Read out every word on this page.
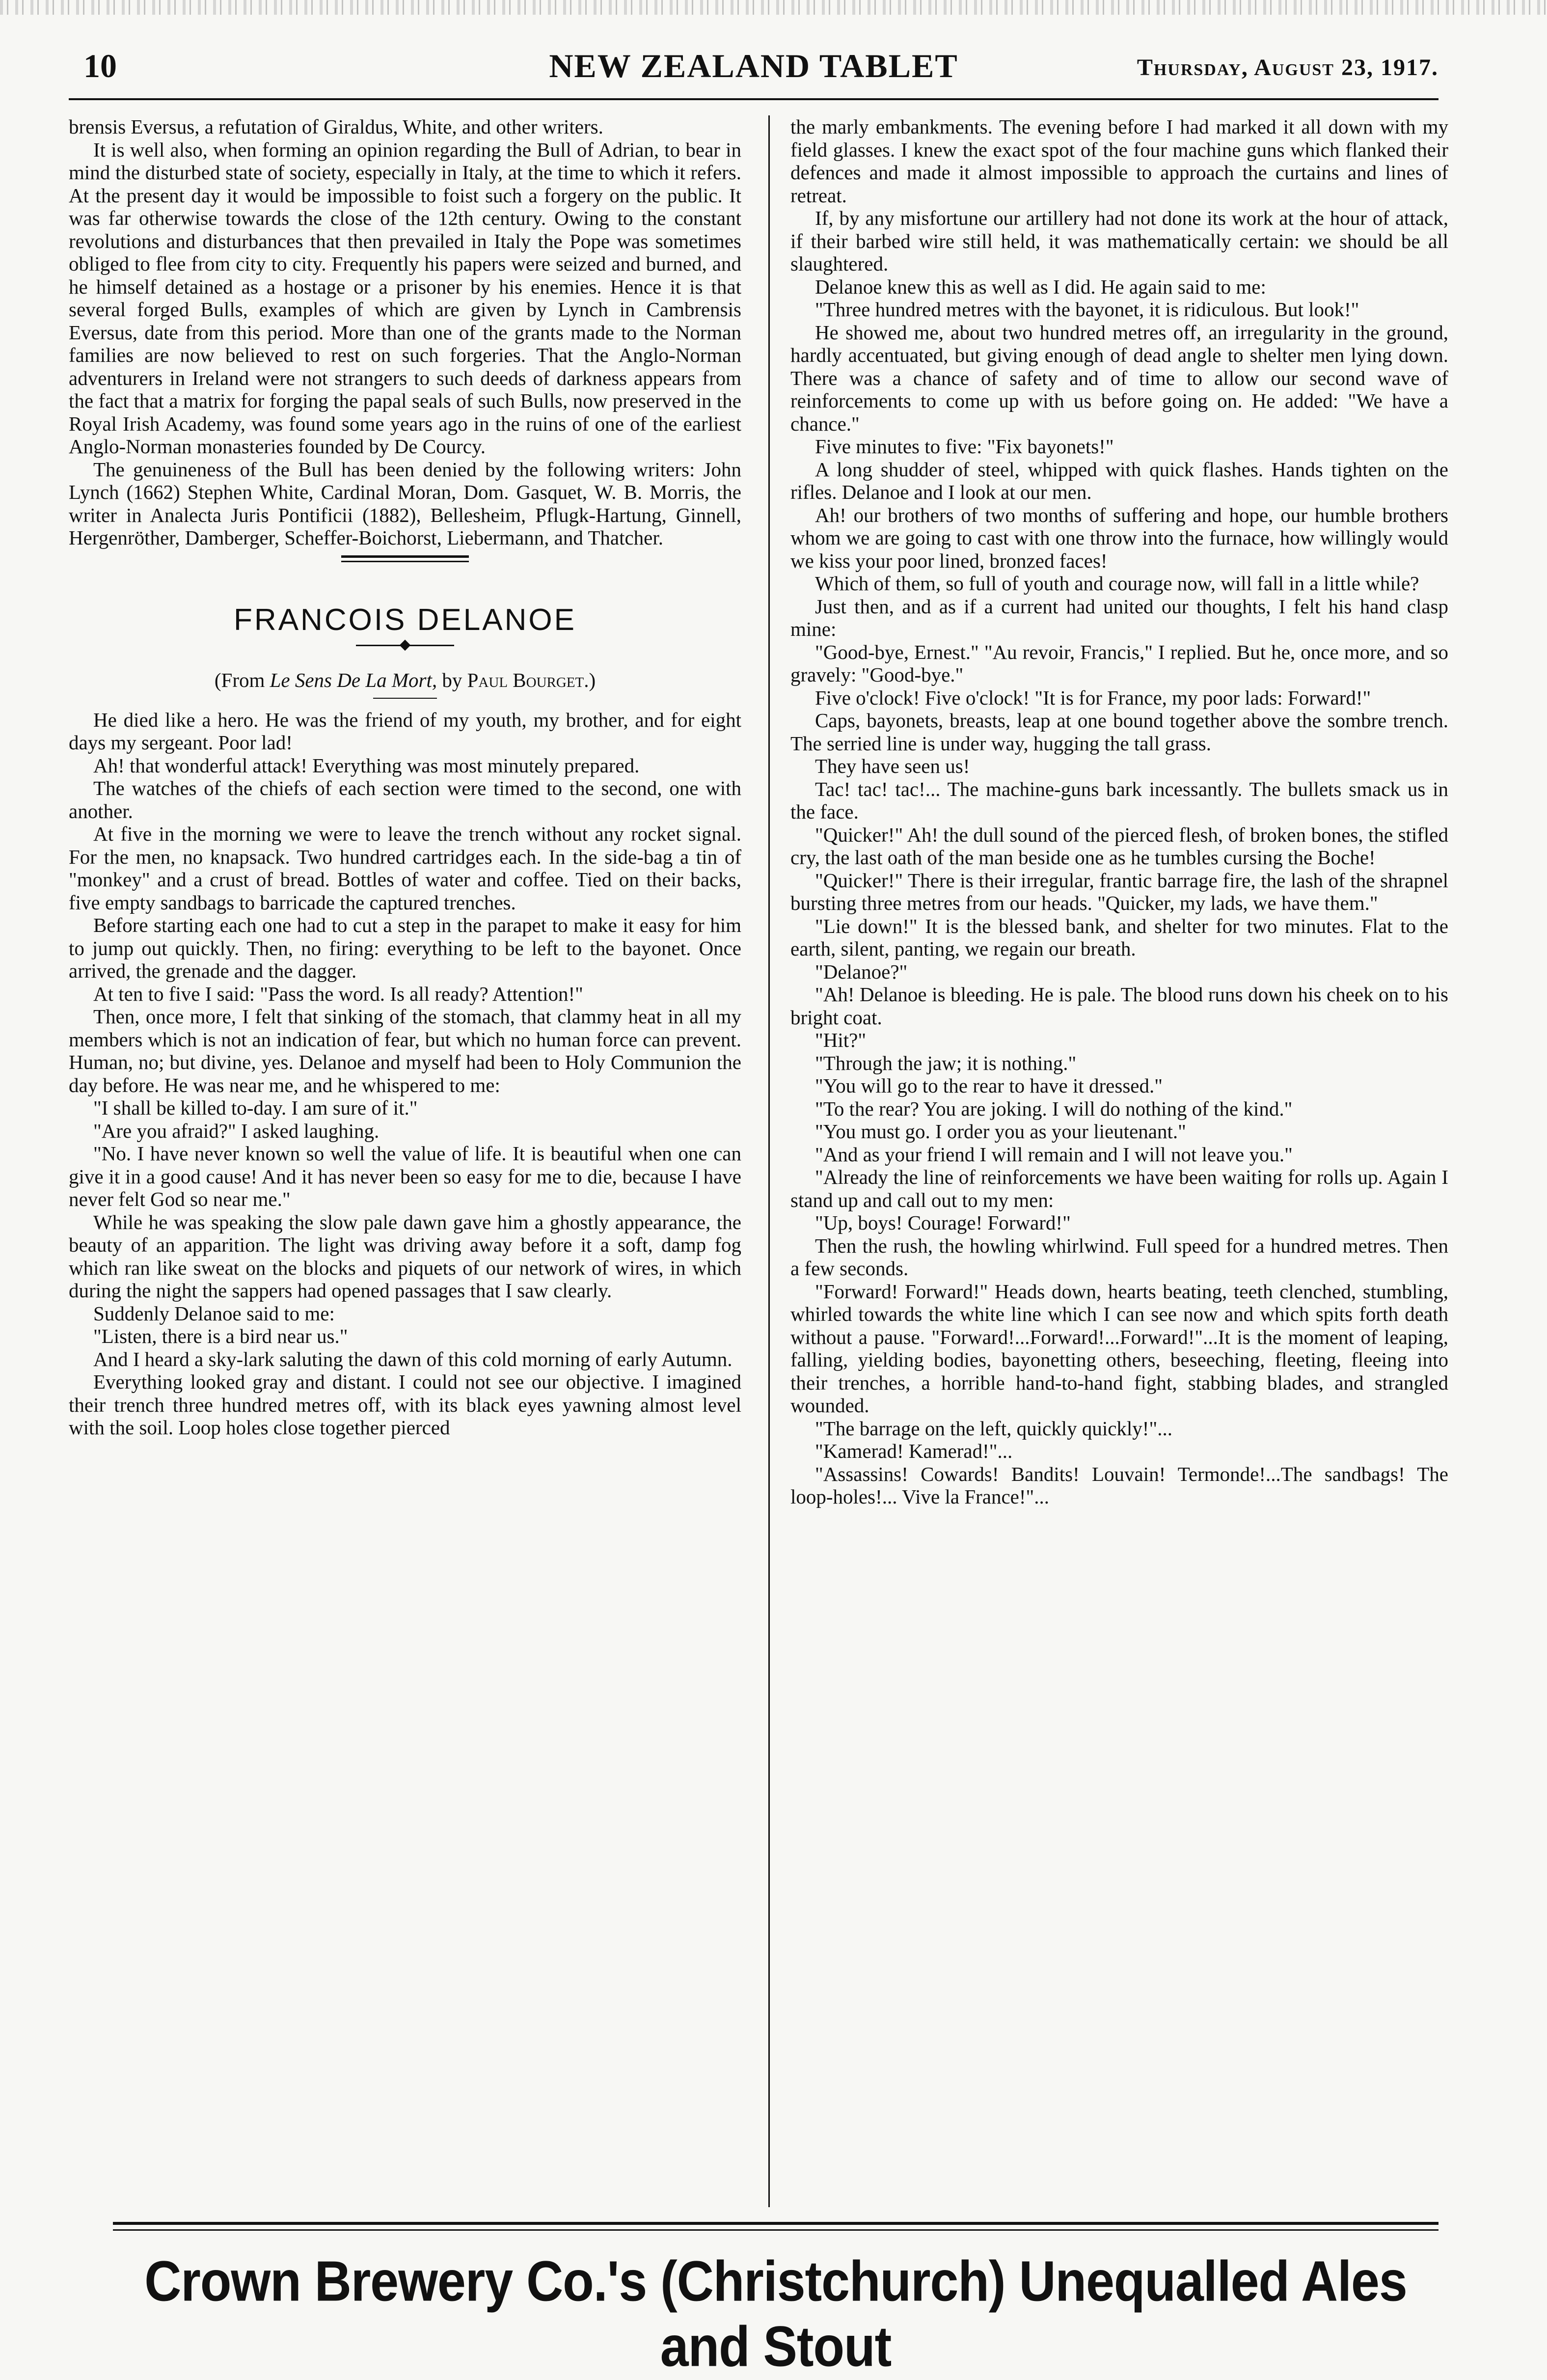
10	NEW ZEALAND TABLET	Thursday, August 23, 1917.

brensis Eversus, a refutation of Giraldus, White, and other writers.

It is well also, when forming an opinion regarding the Bull of Adrian, to bear in mind the disturbed state of society, especially in Italy, at the time to which it refers. At the present day it would be impossible to foist such a forgery on the public. It was far otherwise towards the close of the 12th century. Owing to the constant revolutions and disturbances that then prevailed in Italy the Pope was sometimes obliged to flee from city to city. Frequently his papers were seized and burned, and he himself detained as a hostage or a prisoner by his enemies. Hence it is that several forged Bulls, examples of which are given by Lynch in Cambrensis Eversus, date from this period. More than one of the grants made to the Norman families are now believed to rest on such forgeries. That the Anglo-Norman adventurers in Ireland were not strangers to such deeds of darkness appears from the fact that a matrix for forging the papal seals of such Bulls, now preserved in the Royal Irish Academy, was found some years ago in the ruins of one of the earliest Anglo-Norman monasteries founded by De Courcy.

The genuineness of the Bull has been denied by the following writers: John Lynch (1662) Stephen White, Cardinal Moran, Dom. Gasquet, W. B. Morris, the writer in Analecta Juris Pontificii (1882), Bellesheim, Pflugk-Hartung, Ginnell, Hergenröther, Damberger, Scheffer-Boichorst, Liebermann, and Thatcher.

FRANCOIS DELANOE

(From Le Sens De La Mort, by Paul Bourget.)

He died like a hero. He was the friend of my youth, my brother, and for eight days my sergeant. Poor lad!

Ah! that wonderful attack! Everything was most minutely prepared.

The watches of the chiefs of each section were timed to the second, one with another.

At five in the morning we were to leave the trench without any rocket signal. For the men, no knapsack. Two hundred cartridges each. In the side-bag a tin of "monkey" and a crust of bread. Bottles of water and coffee. Tied on their backs, five empty sandbags to barricade the captured trenches.

Before starting each one had to cut a step in the parapet to make it easy for him to jump out quickly. Then, no firing: everything to be left to the bayonet. Once arrived, the grenade and the dagger.

At ten to five I said: "Pass the word. Is all ready? Attention!"

Then, once more, I felt that sinking of the stomach, that clammy heat in all my members which is not an indication of fear, but which no human force can prevent. Human, no; but divine, yes. Delanoe and myself had been to Holy Communion the day before. He was near me, and he whispered to me:

"I shall be killed to-day. I am sure of it."

"Are you afraid?" I asked laughing.

"No. I have never known so well the value of life. It is beautiful when one can give it in a good cause! And it has never been so easy for me to die, because I have never felt God so near me."

While he was speaking the slow pale dawn gave him a ghostly appearance, the beauty of an apparition. The light was driving away before it a soft, damp fog which ran like sweat on the blocks and piquets of our network of wires, in which during the night the sappers had opened passages that I saw clearly.

Suddenly Delanoe said to me:

"Listen, there is a bird near us."

And I heard a sky-lark saluting the dawn of this cold morning of early Autumn.

Everything looked gray and distant. I could not see our objective. I imagined their trench three hundred metres off, with its black eyes yawning almost level with the soil. Loop holes close together pierced

the marly embankments. The evening before I had marked it all down with my field glasses. I knew the exact spot of the four machine guns which flanked their defences and made it almost impossible to approach the curtains and lines of retreat.

If, by any misfortune our artillery had not done its work at the hour of attack, if their barbed wire still held, it was mathematically certain: we should be all slaughtered.

Delanoe knew this as well as I did. He again said to me:

"Three hundred metres with the bayonet, it is ridiculous. But look!"

He showed me, about two hundred metres off, an irregularity in the ground, hardly accentuated, but giving enough of dead angle to shelter men lying down. There was a chance of safety and of time to allow our second wave of reinforcements to come up with us before going on. He added: "We have a chance."

Five minutes to five: "Fix bayonets!"

A long shudder of steel, whipped with quick flashes. Hands tighten on the rifles. Delanoe and I look at our men.

Ah! our brothers of two months of suffering and hope, our humble brothers whom we are going to cast with one throw into the furnace, how willingly would we kiss your poor lined, bronzed faces!

Which of them, so full of youth and courage now, will fall in a little while?

Just then, and as if a current had united our thoughts, I felt his hand clasp mine:

"Good-bye, Ernest." "Au revoir, Francis," I replied. But he, once more, and so gravely: "Good-bye."

Five o'clock! Five o'clock! "It is for France, my poor lads: Forward!"

Caps, bayonets, breasts, leap at one bound together above the sombre trench. The serried line is under way, hugging the tall grass.

They have seen us!

Tac! tac! tac!... The machine-guns bark incessantly. The bullets smack us in the face.

"Quicker!" Ah! the dull sound of the pierced flesh, of broken bones, the stifled cry, the last oath of the man beside one as he tumbles cursing the Boche!

"Quicker!" There is their irregular, frantic barrage fire, the lash of the shrapnel bursting three metres from our heads. "Quicker, my lads, we have them."

"Lie down!" It is the blessed bank, and shelter for two minutes. Flat to the earth, silent, panting, we regain our breath.

"Delanoe?"

"Ah! Delanoe is bleeding. He is pale. The blood runs down his cheek on to his bright coat.

"Hit?"

"Through the jaw; it is nothing."

"You will go to the rear to have it dressed."

"To the rear? You are joking. I will do nothing of the kind."

"You must go. I order you as your lieutenant."

"And as your friend I will remain and I will not leave you."

"Already the line of reinforcements we have been waiting for rolls up. Again I stand up and call out to my men:

"Up, boys! Courage! Forward!"

Then the rush, the howling whirlwind. Full speed for a hundred metres. Then a few seconds.

"Forward! Forward!" Heads down, hearts beating, teeth clenched, stumbling, whirled towards the white line which I can see now and which spits forth death without a pause. "Forward!...Forward!...Forward!"...It is the moment of leaping, falling, yielding bodies, bayonetting others, beseeching, fleeting, fleeing into their trenches, a horrible hand-to-hand fight, stabbing blades, and strangled wounded.

"The barrage on the left, quickly quickly!"...

"Kamerad! Kamerad!"...

"Assassins! Cowards! Bandits! Louvain! Termonde!...The sandbags! The loop-holes!... Vive la France!"...

Crown Brewery Co.'s (Christchurch) Unequalled Ales and Stout
